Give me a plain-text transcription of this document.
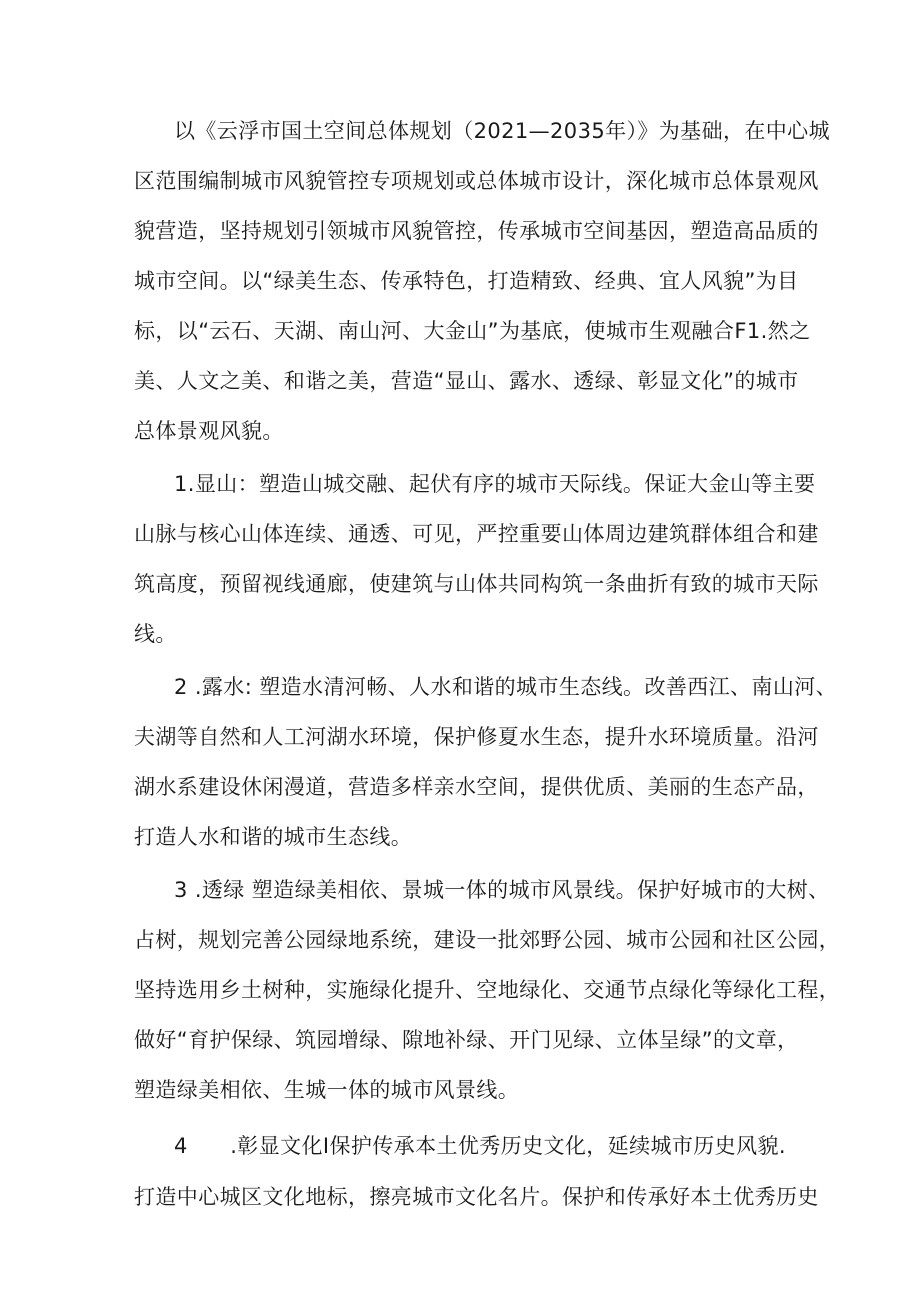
以《云浮市国土空间总体规划（2021—2035年）》为基础，在中心城
区范围编制城市风貌管控专项规划或总体城市设计，深化城市总体景观风
貌营造，坚持规划引领城市风貌管控，传承城市空间基因，塑造高品质的
城市空间。以“绿美生态、传承特色，打造精致、经典、宜人风貌”为目
标，以“云石、天湖、南山河、大金山”为基底，使城市生观融合F1.然之
美、人文之美、和谐之美，营造“显山、露水、透绿、彰显文化”的城市
总体景观风貌。
1.显山：塑造山城交融、起伏有序的城市天际线。保证大金山等主要
山脉与核心山体连续、通透、可见，严控重要山体周边建筑群体组合和建
筑高度，预留视线通廊，使建筑与山体共同构筑一条曲折有致的城市天际
线。
2 .露水: 塑造水清河畅、人水和谐的城市生态线。改善西江、南山河、
夫湖等自然和人工河湖水环境，保护修夏水生态，提升水环境质量。沿河
湖水系建设休闲漫道，营造多样亲水空间，提供优质、美丽的生态产品，
打造人水和谐的城市生态线。
3 .透绿 塑造绿美相依、景城一体的城市风景线。保护好城市的大树、
占树，规划完善公园绿地系统，建设一批郊野公园、城市公园和社区公园，
坚持选用乡土树种，实施绿化提升、空地绿化、交通节点绿化等绿化工程，
做好“育护保绿、筑园增绿、隙地补绿、开门见绿、立体呈绿”的文章，
塑造绿美相依、生城一体的城市风景线。
4      .彰显文化I保护传承本土优秀历史文化，延续城市历史风貌.
打造中心城区文化地标，擦亮城市文化名片。保护和传承好本土优秀历史
